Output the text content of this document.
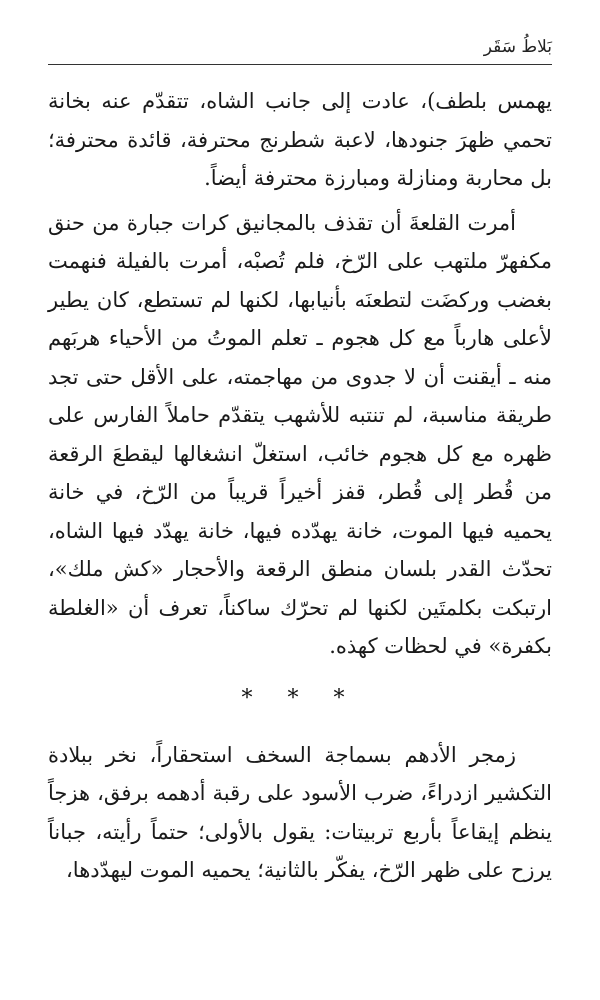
بَلاطُ سَقَر

يهمس بلطف)، عادت إلى جانب الشاه، تتقدّم عنه بخانة تحمي ظهرَ جنودها، لاعبة شطرنج محترفة، قائدة محترفة؛ بل محاربة ومنازلة ومبارزة محترفة أيضاً.

أمرت القلعةَ أن تقذف بالمجانيق كرات جبارة من حنق مكفهرّ ملتهب على الرّخ، فلم تُصبْه، أمرت بالفيلة فنهمت بغضب وركضَت لتطعنَه بأنيابها، لكنها لم تستطع، كان يطير لأعلى هارباً مع كل هجوم ـ تعلم الموتُ من الأحياء هربَهم منه ـ أيقنت أن لا جدوى من مهاجمته، على الأقل حتى تجد طريقة مناسبة، لم تنتبه للأشهب يتقدّم حاملاً الفارس على ظهره مع كل هجوم خائب، استغلّ انشغالها ليقطعَ الرقعة من قُطر إلى قُطر، قفز أخيراً قريباً من الرّخ، في خانة يحميه فيها الموت، خانة يهدّده فيها، خانة يهدّد فيها الشاه، تحدّث القدر بلسان منطق الرقعة والأحجار «كش ملك»، ارتبكت بكلمتَين لكنها لم تحرّك ساكناً، تعرف أن «الغلطة بكفرة» في لحظات كهذه.

* * *

زمجر الأدهم بسماجة السخف استحقاراً، نخر ببلادة التكشير ازدراءً، ضرب الأسود على رقبة أدهمه برفق، هزجاً ينظم إيقاعاً بأربع تربيتات: يقول بالأولى؛ حتماً رأيته، جباناً يرزح على ظهر الرّخ، يفكّر بالثانية؛ يحميه الموت ليهدّدها،
